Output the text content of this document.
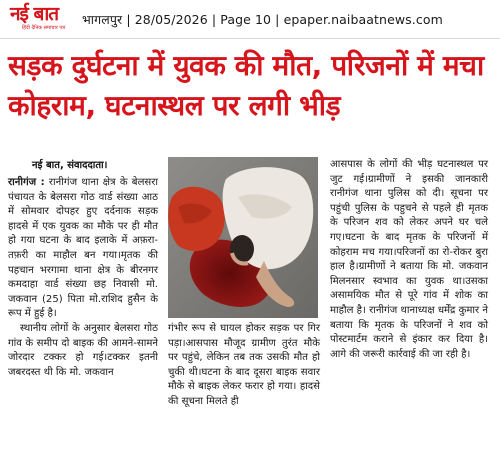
नई बात
हिंदी दैनिक समाचार पत्र
भागलपुर | 28/05/2026 | Page 10 | epaper.naibaatnews.com
सड़क दुर्घटना में युवक की मौत, परिजनों में मचा कोहराम, घटनास्थल पर लगी भीड़
नई बात, संवाददाता।

रानीगंज : रानीगंज थाना क्षेत्र के बेलसरा पंचायत के बेलसरा गोठ वार्ड संख्या आठ में सोमवार दोपहर हुए दर्दनाक सड़क हादसे में एक युवक का मौके पर ही मौत हो गया घटना के बाद इलाके में अफ़रा-तफ़री का माहौल बन गया।मृतक की पहचान भरगामा थाना क्षेत्र के बीरनगर कमदाहा वार्ड संख्या छह निवासी मो. जकवान (25) पिता मो.राशिद हुसैन के रूप में हुई है।

स्थानीय लोगों के अनुसार बेलसरा गोठ गांव के समीप दो बाइक की आमने-सामने जोरदार टक्कर हो गई।टक्कर इतनी जबरदस्त थी कि मो. जकवान

गंभीर रूप से घायल होकर सड़क पर गिर पड़ा।आसपास मौजूद ग्रामीण तुरंत मौके पर पहुंचे, लेकिन तब तक उसकी मौत हो चुकी थी।घटना के बाद दूसरा बाइक सवार मौके से बाइक लेकर फरार हो गया। हादसे की सूचना मिलते ही

आसपास के लोगों की भीड़ घटनास्थल पर जुट गई।ग्रामीणों ने इसकी जानकारी रानीगंज थाना पुलिस को दी। सूचना पर पहुंची पुलिस के पहुचने से पहले ही मृतक के परिजन शव को लेकर अपने घर चले गए।घटना के बाद मृतक के परिजनों में कोहराम मच गया।परिजनों का रो-रोकर बुरा हाल है।ग्रामीणों ने बताया कि मो. जकवान मिलनसार स्वभाव का युवक था।उसका असामयिक मौत से पूरे गांव में शोक का माहौल है। रानीगंज थानाध्यक्ष धर्मेंद्र कुमार ने बताया कि मृतक के परिजनों ने शव को पोस्टमार्टम कराने से इंकार कर दिया है। आगे की जरूरी कार्रवाई की जा रही है।
